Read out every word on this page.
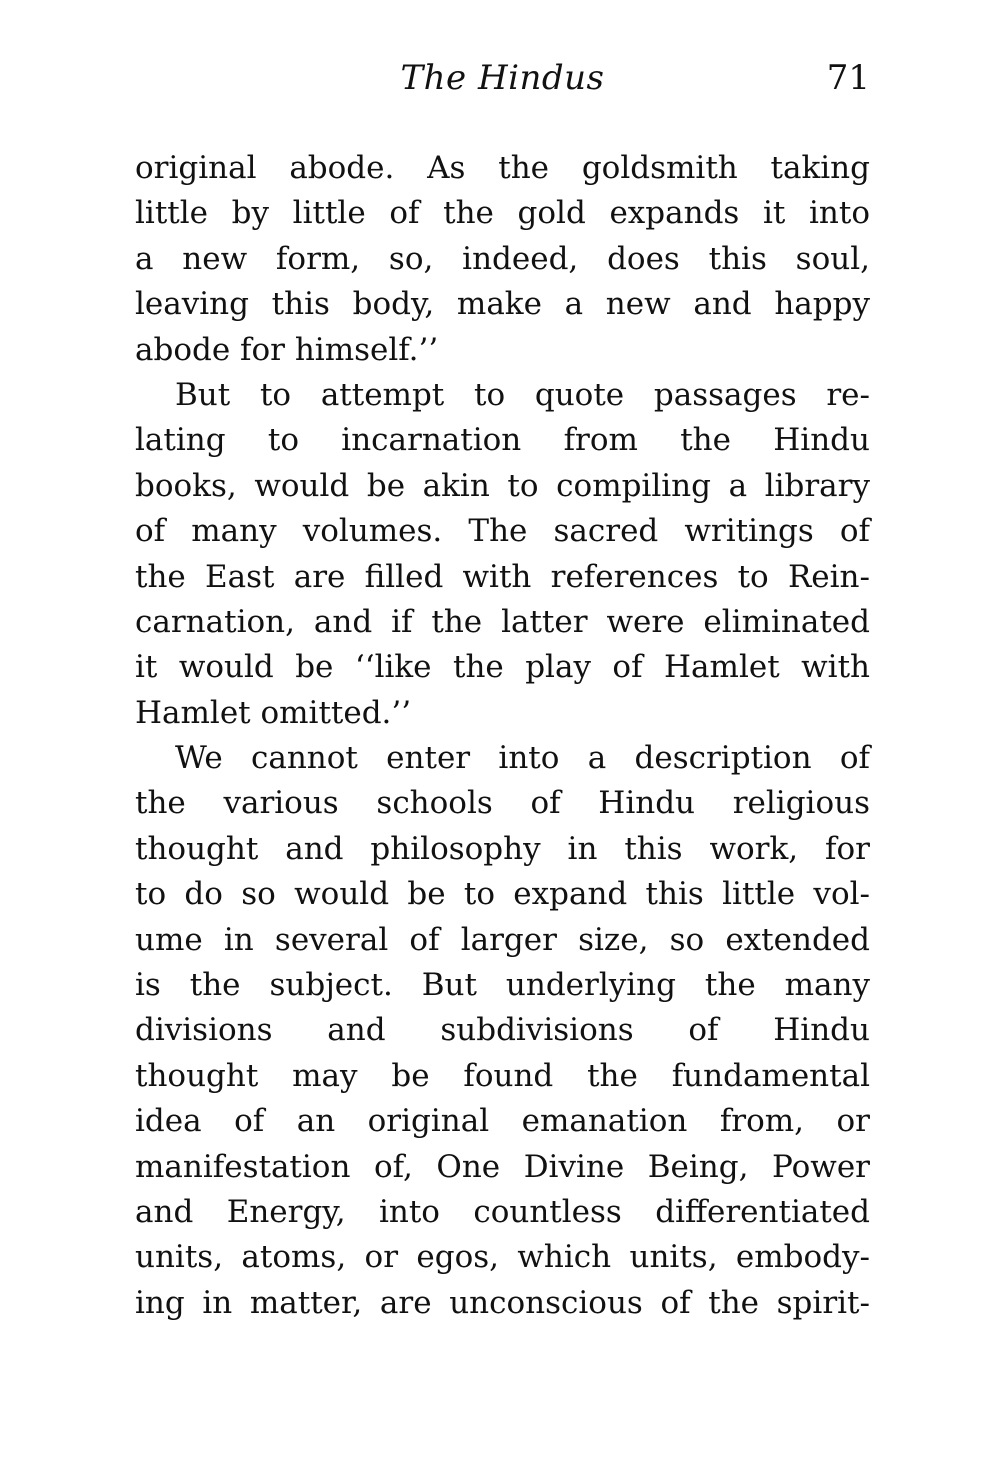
The Hindus	71
original abode. As the goldsmith taking
little by little of the gold expands it into
a new form, so, indeed, does this soul,
leaving this body, make a new and happy
abode for himself.’’
But to attempt to quote passages re-
lating to incarnation from the Hindu
books, would be akin to compiling a library
of many volumes. The sacred writings of
the East are filled with references to Rein-
carnation, and if the latter were eliminated
it would be ‘‘like the play of Hamlet with
Hamlet omitted.’’
We cannot enter into a description of
the various schools of Hindu religious
thought and philosophy in this work, for
to do so would be to expand this little vol-
ume in several of larger size, so extended
is the subject. But underlying the many
divisions and subdivisions of Hindu
thought may be found the fundamental
idea of an original emanation from, or
manifestation of, One Divine Being, Power
and Energy, into countless differentiated
units, atoms, or egos, which units, embody-
ing in matter, are unconscious of the spirit-
